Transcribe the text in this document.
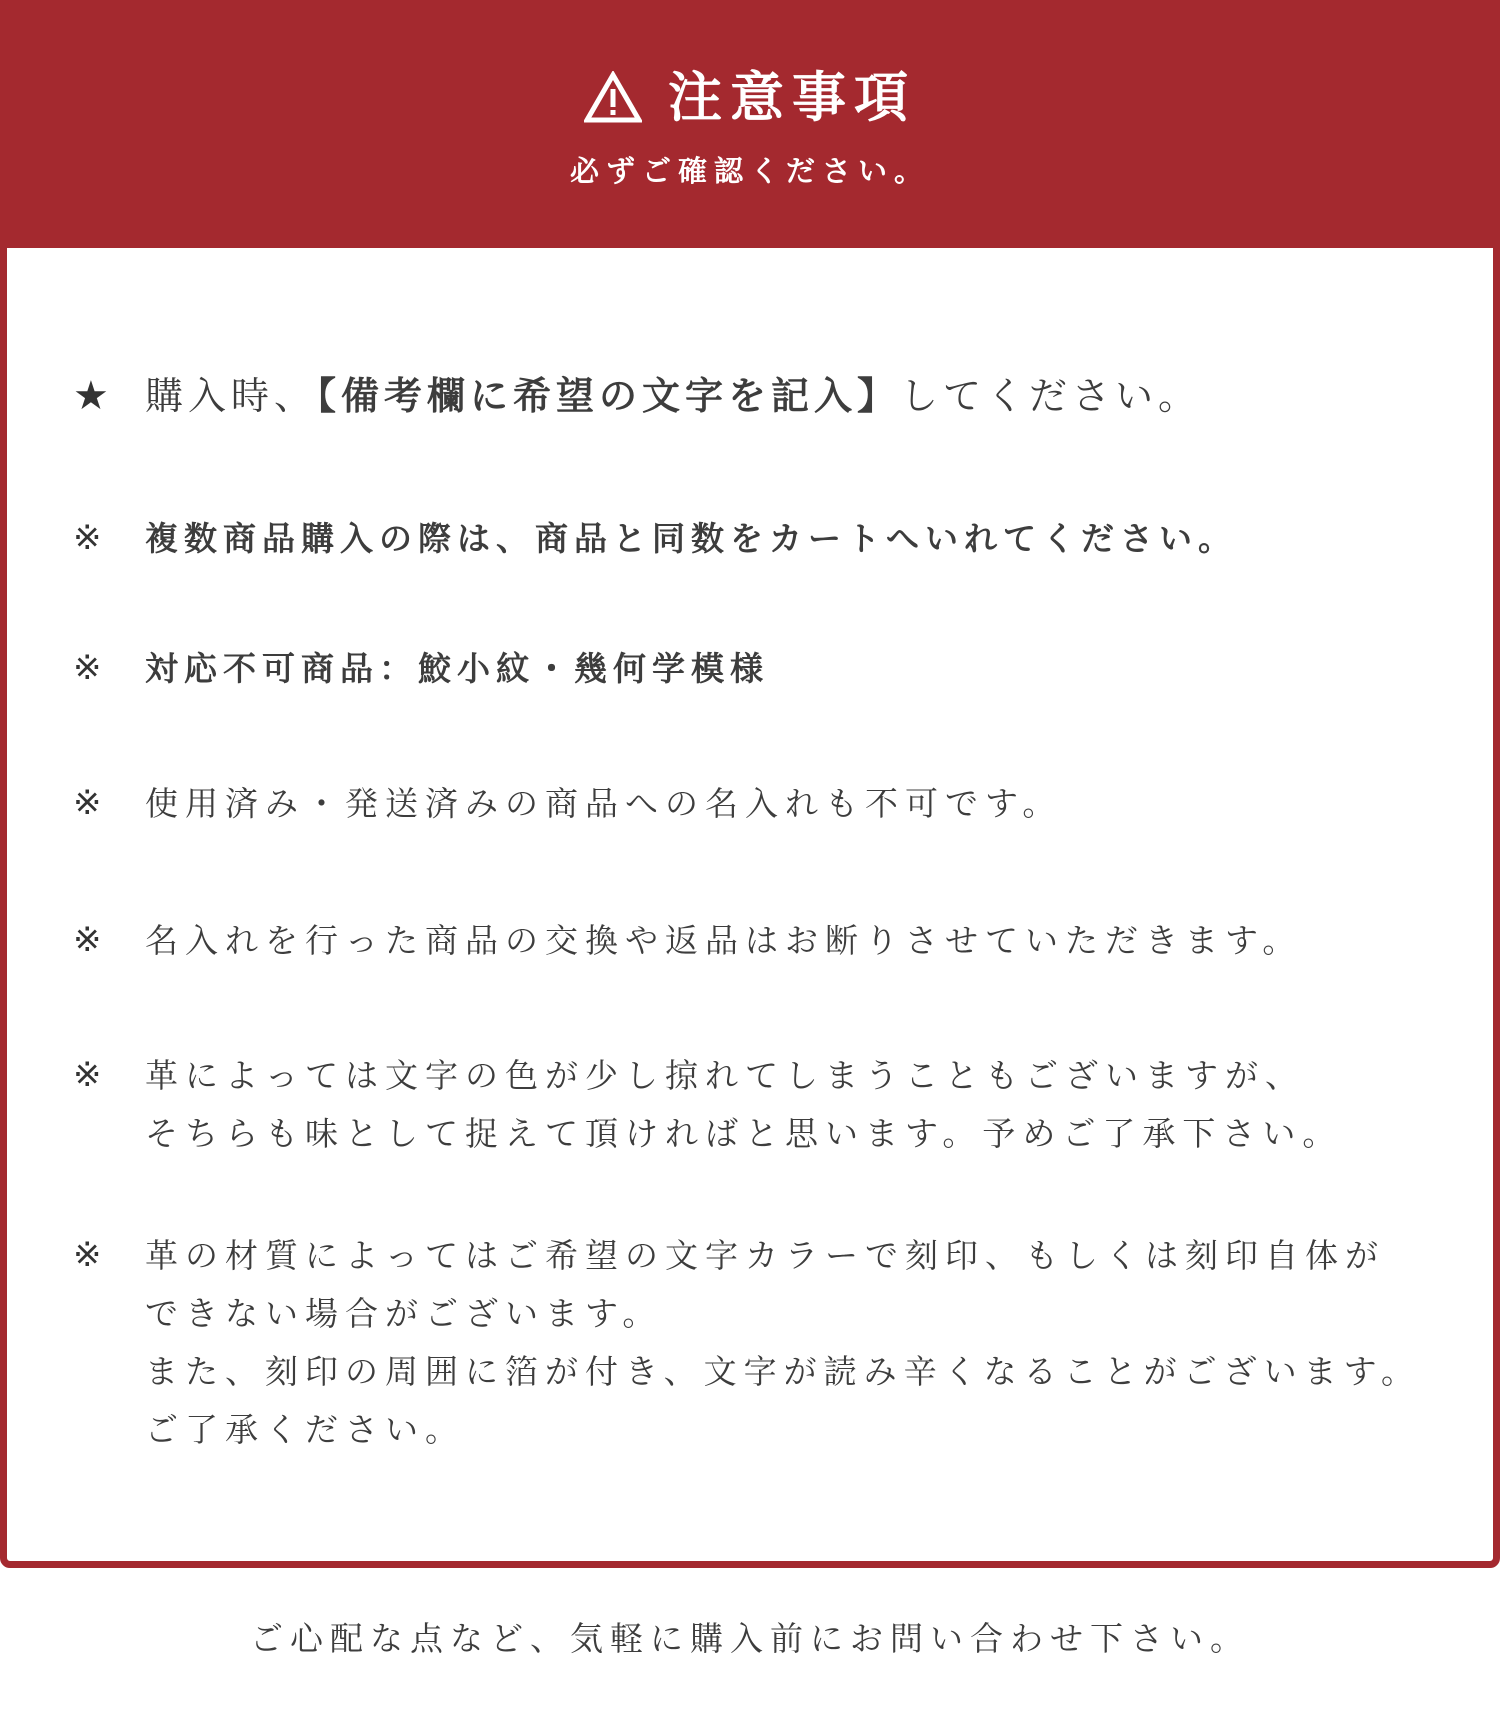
注意事項
必ずご確認ください。
★ 購入時、【備考欄に希望の文字を記入】してください。
※	複数商品購入の際は、商品と同数をカートへいれてください。
※	対応不可商品：鮫小紋・幾何学模様
※	使用済み・発送済みの商品への名入れも不可です。
※	名入れを行った商品の交換や返品はお断りさせていただきます。
※	革によっては文字の色が少し掠れてしまうこともございますが、
そちらも味として捉えて頂ければと思います。予めご了承下さい。
※	革の材質によってはご希望の文字カラーで刻印、もしくは刻印自体が
できない場合がございます。
また、刻印の周囲に箔が付き、文字が読み辛くなることがございます。
ご了承ください。
ご心配な点など、気軽に購入前にお問い合わせ下さい。
